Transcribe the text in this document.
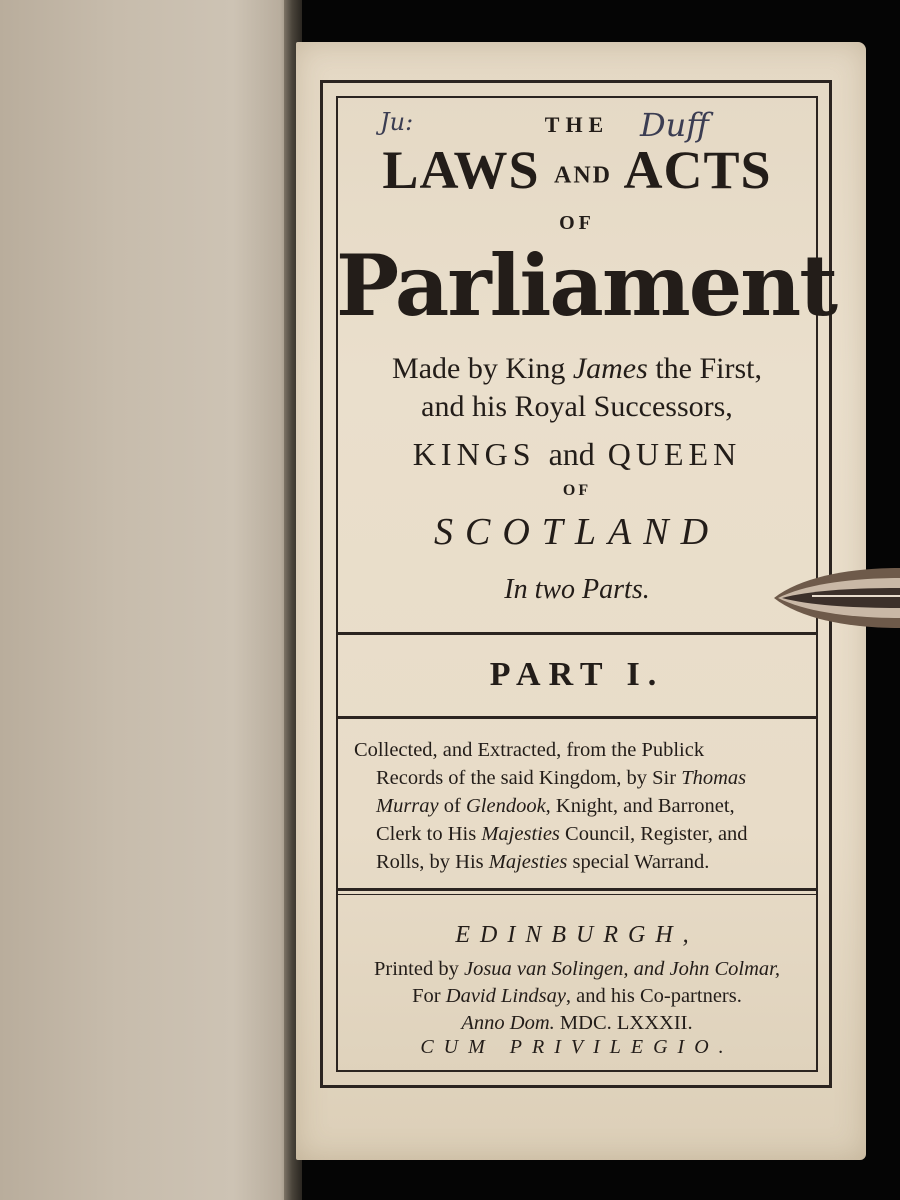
Ju:	Duff

THE

LAWS AND ACTS

OF

Parliament

Made by King James the First,
and his Royal Successors,

KINGS and QUEEN

OF

SCOTLAND

In two Parts.

PART I.

Collected, and Extracted, from the Publick

Records of the said Kingdom, by Sir Thomas

Murray of Glendook, Knight, and Barronet,

Clerk to His Majesties Council, Register, and

Rolls, by His Majesties special Warrand.

EDINBURGH,

Printed by Josua van Solingen, and John Colmar,

For David Lindsay, and his Co-partners.

Anno Dom. MDC. LXXXII.

CUM PRIVILEGIO.
